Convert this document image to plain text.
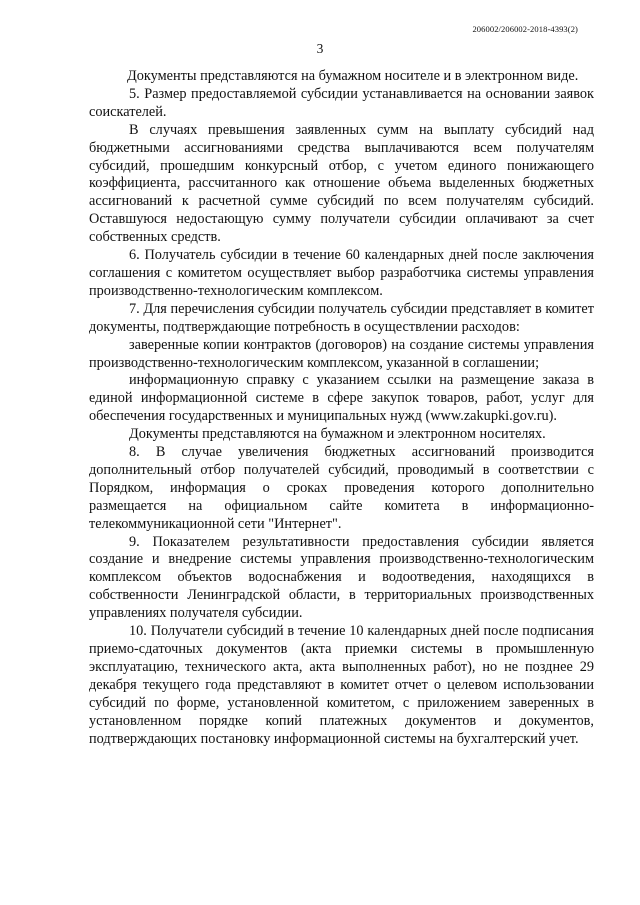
206002/206002-2018-4393(2)
3

Документы представляются на бумажном носителе и в электронном виде.

5. Размер предоставляемой субсидии устанавливается на основании заявок соискателей.

В случаях превышения заявленных сумм на выплату субсидий над бюджетными ассигнованиями средства выплачиваются всем получателям субсидий, прошедшим конкурсный отбор, с учетом единого понижающего коэффициента, рассчитанного как отношение объема выделенных бюджетных ассигнований к расчетной сумме субсидий по всем получателям субсидий. Оставшуюся недостающую сумму получатели субсидии оплачивают за счет собственных средств.

6. Получатель субсидии в течение 60 календарных дней после заключения соглашения с комитетом осуществляет выбор разработчика системы управления производственно-технологическим комплексом.

7. Для перечисления субсидии получатель субсидии представляет в комитет документы, подтверждающие потребность в осуществлении расходов:

заверенные копии контрактов (договоров) на создание системы управления производственно-технологическим комплексом, указанной в соглашении;

информационную справку с указанием ссылки на размещение заказа в единой информационной системе в сфере закупок товаров, работ, услуг для обеспечения государственных и муниципальных нужд (www.zakupki.gov.ru).

Документы представляются на бумажном и электронном носителях.

8. В случае увеличения бюджетных ассигнований производится дополнительный отбор получателей субсидий, проводимый в соответствии с Порядком, информация о сроках проведения которого дополнительно размещается на официальном сайте комитета в информационно-телекоммуникационной сети "Интернет".

9. Показателем результативности предоставления субсидии является создание и внедрение системы управления производственно-технологическим комплексом объектов водоснабжения и водоотведения, находящихся в собственности Ленинградской области, в территориальных производственных управлениях получателя субсидии.

10. Получатели субсидий в течение 10 календарных дней после подписания приемо-сдаточных документов (акта приемки системы в промышленную эксплуатацию, технического акта, акта выполненных работ), но не позднее 29 декабря текущего года представляют в комитет отчет о целевом использовании субсидий по форме, установленной комитетом, с приложением заверенных в установленном порядке копий платежных документов и документов, подтверждающих постановку информационной системы на бухгалтерский учет.
